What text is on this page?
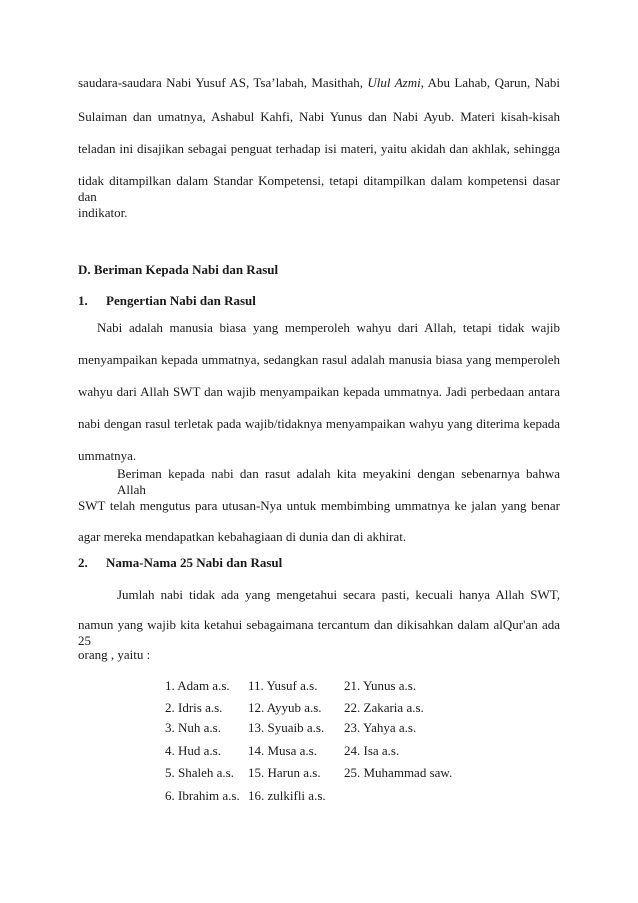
saudara-saudara Nabi Yusuf AS, Tsa’labah, Masithah, Ulul Azmi, Abu Lahab, Qarun, Nabi
Sulaiman dan umatnya, Ashabul Kahfi, Nabi Yunus dan Nabi Ayub. Materi kisah-kisah
teladan ini disajikan sebagai penguat terhadap isi materi, yaitu akidah dan akhlak, sehingga
tidak ditampilkan dalam Standar Kompetensi, tetapi ditampilkan dalam kompetensi dasar dan
indikator.
D. Beriman Kepada Nabi dan Rasul
1. Pengertian Nabi dan Rasul
Nabi adalah manusia biasa yang memperoleh wahyu dari Allah, tetapi tidak wajib
menyampaikan kepada ummatnya, sedangkan rasul adalah manusia biasa yang memperoleh
wahyu dari Allah SWT dan wajib menyampaikan kepada ummatnya. Jadi perbedaan antara
nabi dengan rasul terletak pada wajib/tidaknya menyampaikan wahyu yang diterima kepada
ummatnya.
Beriman kepada nabi dan rasut adalah kita meyakini dengan sebenarnya bahwa Allah
SWT telah mengutus para utusan-Nya untuk membimbing ummatnya ke jalan yang benar
agar mereka mendapatkan kebahagiaan di dunia dan di akhirat.
2. Nama-Nama 25 Nabi dan Rasul
Jumlah nabi tidak ada yang mengetahui secara pasti, kecuali hanya Allah SWT,
namun yang wajib kita ketahui sebagaimana tercantum dan dikisahkan dalam alQur'an ada 25
orang , yaitu :
1. Adam a.s.
2. Idris a.s.
3. Nuh a.s.
4. Hud a.s.
5. Shaleh a.s.
6. Ibrahim a.s.
11. Yusuf a.s.
12. Ayyub a.s.
13. Syuaib a.s.
14. Musa a.s.
15. Harun a.s.
16. zulkifli a.s.
21. Yunus a.s.
22. Zakaria a.s.
23. Yahya a.s.
24. Isa a.s.
25. Muhammad saw.
